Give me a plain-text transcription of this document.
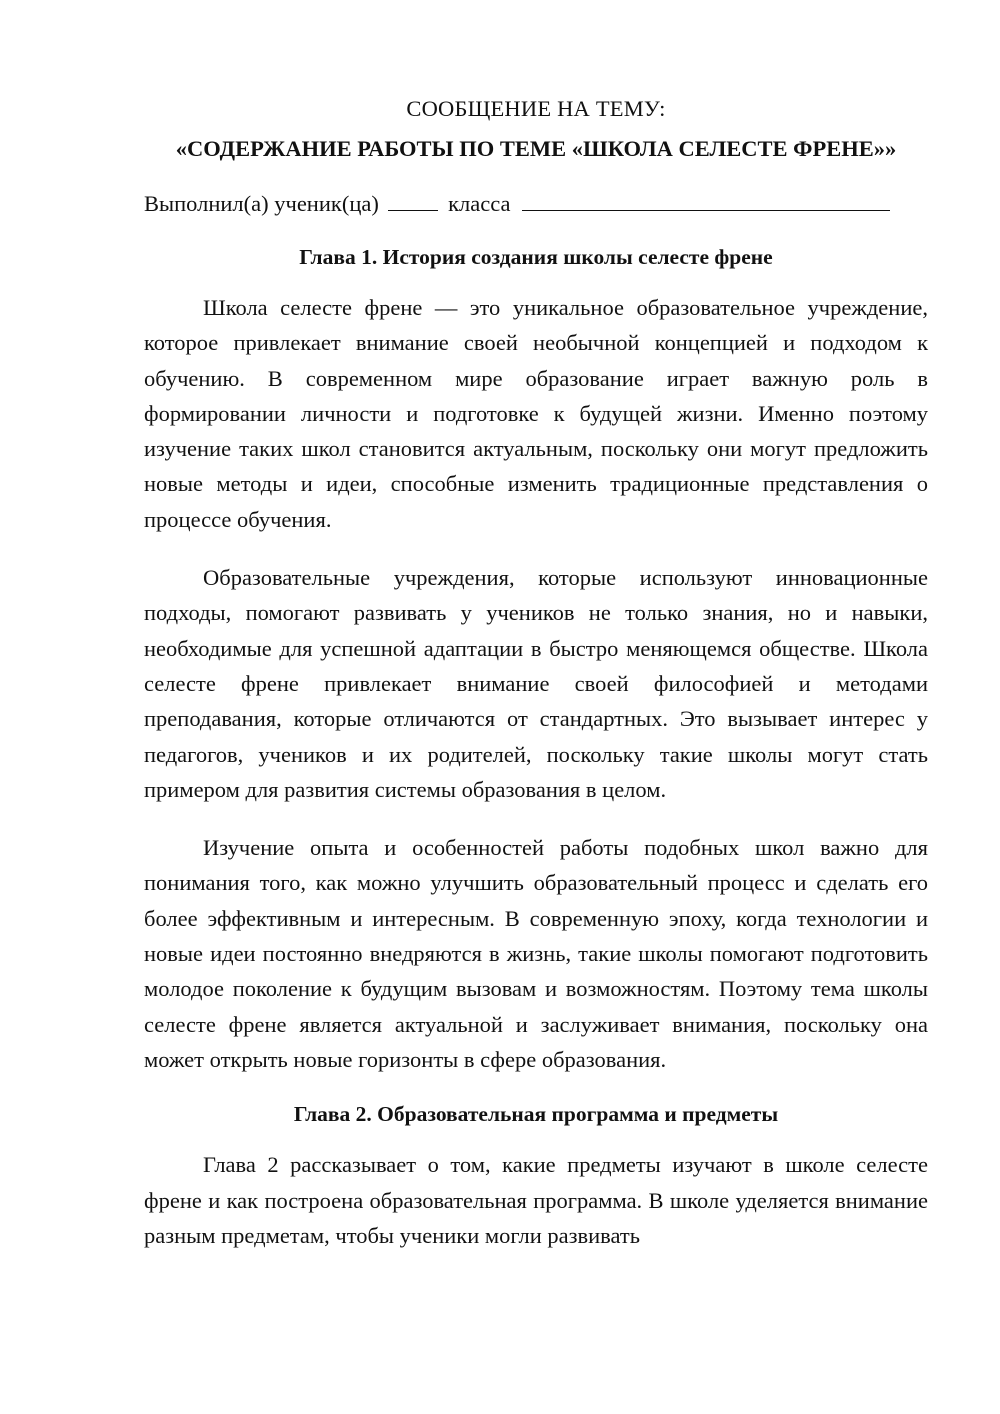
СООБЩЕНИЕ НА ТЕМУ:
«СОДЕРЖАНИЕ РАБОТЫ ПО ТЕМЕ «ШКОЛА СЕЛЕСТЕ ФРЕНЕ»»
Выполнил(а) ученик(ца)	класса
Глава 1. История создания школы селесте френе

Школа селесте френе — это уникальное образовательное учреждение, которое привлекает внимание своей необычной концепцией и подходом к обучению. В современном мире образование играет важную роль в формировании личности и подготовке к будущей жизни. Именно поэтому изучение таких школ становится актуальным, поскольку они могут предложить новые методы и идеи, способные изменить традиционные представления о процессе обучения.

Образовательные учреждения, которые используют инновационные подходы, помогают развивать у учеников не только знания, но и навыки, необходимые для успешной адаптации в быстро меняющемся обществе. Школа селесте френе привлекает внимание своей философией и методами преподавания, которые отличаются от стандартных. Это вызывает интерес у педагогов, учеников и их родителей, поскольку такие школы могут стать примером для развития системы образования в целом.

Изучение опыта и особенностей работы подобных школ важно для понимания того, как можно улучшить образовательный процесс и сделать его более эффективным и интересным. В современную эпоху, когда технологии и новые идеи постоянно внедряются в жизнь, такие школы помогают подготовить молодое поколение к будущим вызовам и возможностям. Поэтому тема школы селесте френе является актуальной и заслуживает внимания, поскольку она может открыть новые горизонты в сфере образования.

Глава 2. Образовательная программа и предметы

Глава 2 рассказывает о том, какие предметы изучают в школе селесте френе и как построена образовательная программа. В школе уделяется внимание разным предметам, чтобы ученики могли развивать
